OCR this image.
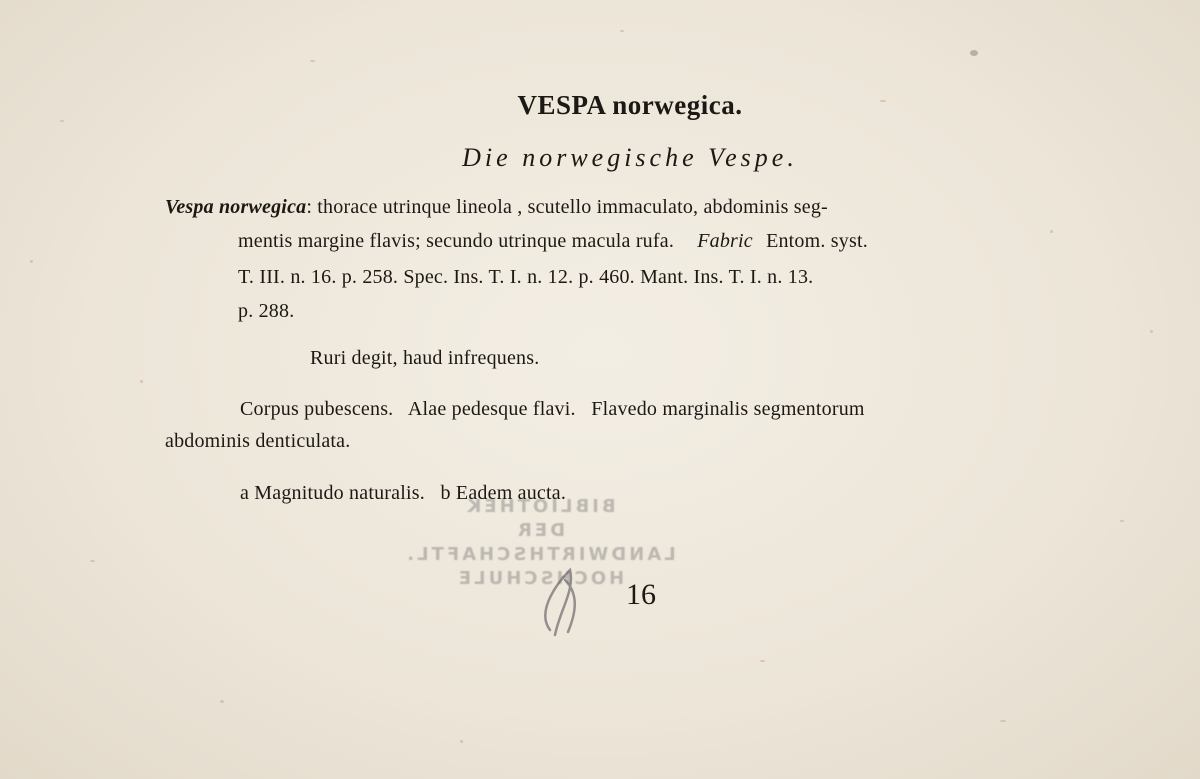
BIBLIOTHEK
DER
LANDWIRTHSCHAFTL.
HOCHSCHULE
VESPA norwegica.
Die norwegische Vespe.
Vespa norwegica: thorace utrinque lineola , scutello immaculato, abdominis seg-
mentis margine flavis; secundo utrinque macula rufa. Fabric Entom. syst.
T. III. n. 16. p. 258. Spec. Ins. T. I. n. 12. p. 460. Mant. Ins. T. I. n. 13.
p. 288.
Ruri degit, haud infrequens.
Corpus pubescens.   Alae pedesque flavi.   Flavedo marginalis segmentorum
abdominis denticulata.
a Magnitudo naturalis.   b Eadem aucta.
16
